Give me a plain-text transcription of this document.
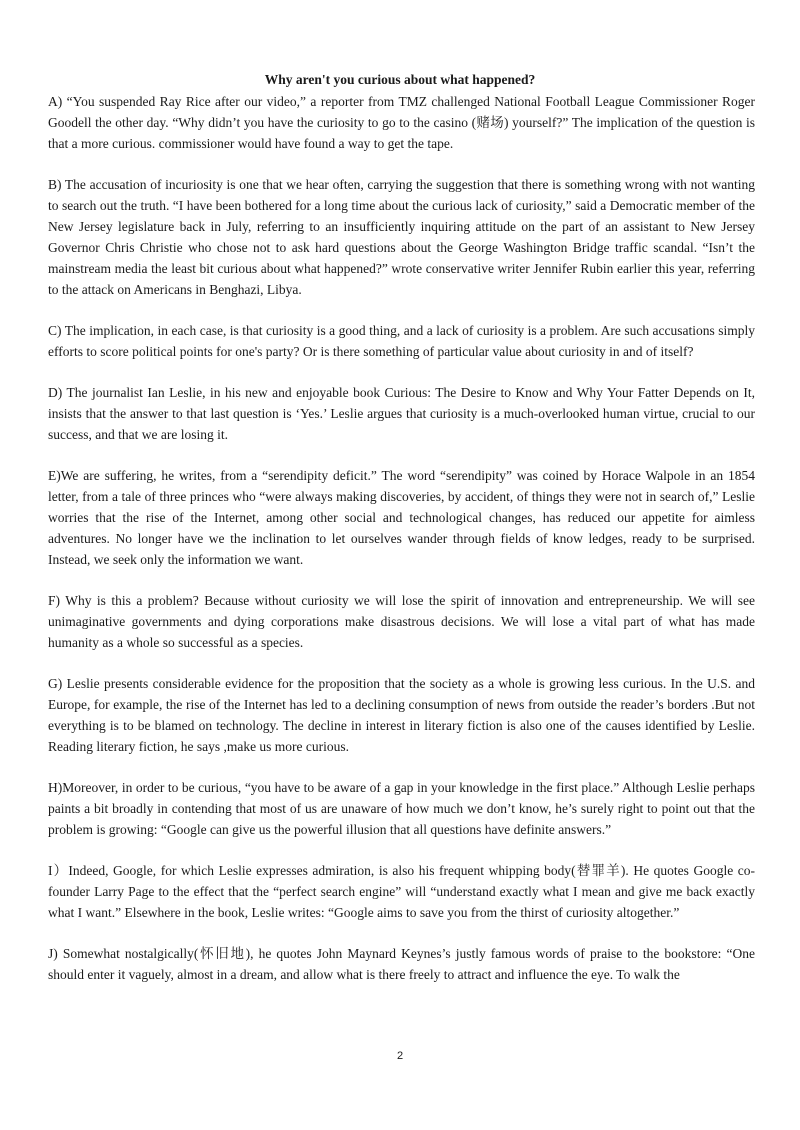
Why aren't you curious about what happened?

A) “You suspended Ray Rice after our video,” a reporter from TMZ challenged National Football League Commissioner Roger Goodell the other day. “Why didn’t you have the curiosity to go to the casino (赌场) yourself?” The implication of the question is that a more curious. commissioner would have found a way to get the tape.

B) The accusation of incuriosity is one that we hear often, carrying the suggestion that there is something wrong with not wanting to search out the truth. “I have been bothered for a long time about the curious lack of curiosity,” said a Democratic member of the New Jersey legislature back in July, referring to an insufficiently inquiring attitude on the part of an assistant to New Jersey Governor Chris Christie who chose not to ask hard questions about the George Washington Bridge traffic scandal. “Isn’t the mainstream media the least bit curious about what happened?” wrote conservative writer Jennifer Rubin earlier this year, referring to the attack on Americans in Benghazi, Libya.

C) The implication, in each case, is that curiosity is a good thing, and a lack of curiosity is a problem. Are such accusations simply efforts to score political points for one's party? Or is there something of particular value about curiosity in and of itself?

D) The journalist Ian Leslie, in his new and enjoyable book Curious: The Desire to Know and Why Your Fatter Depends on It, insists that the answer to that last question is ‘Yes.’ Leslie argues that curiosity is a much-overlooked human virtue, crucial to our success, and that we are losing it.

E)We are suffering, he writes, from a “serendipity deficit.” The word “serendipity” was coined by Horace Walpole in an 1854 letter, from a tale of three princes who “were always making discoveries, by accident, of things they were not in search of,” Leslie worries that the rise of the Internet, among other social and technological changes, has reduced our appetite for aimless adventures. No longer have we the inclination to let ourselves wander through fields of know ledges, ready to be surprised. Instead, we seek only the information we want.

F) Why is this a problem? Because without curiosity we will lose the spirit of innovation and entrepreneurship. We will see unimaginative governments and dying corporations make disastrous decisions. We will lose a vital part of what has made humanity as a whole so successful as a species.

G) Leslie presents considerable evidence for the proposition that the society as a whole is growing less curious. In the U.S. and Europe, for example, the rise of the Internet has led to a declining consumption of news from outside the reader’s borders .But not everything is to be blamed on technology. The decline in interest in literary fiction is also one of the causes identified by Leslie. Reading literary fiction, he says ,make us more curious.

H)Moreover, in order to be curious, “you have to be aware of a gap in your knowledge in the first place.” Although Leslie perhaps paints a bit broadly in contending that most of us are unaware of how much we don’t know, he’s surely right to point out that the problem is growing: “Google can give us the powerful illusion that all questions have definite answers.”

I）Indeed, Google, for which Leslie expresses admiration, is also his frequent whipping body(替罪羊). He quotes Google co-founder Larry Page to the effect that the “perfect search engine” will “understand exactly what I mean and give me back exactly what I want.” Elsewhere in the book, Leslie writes: “Google aims to save you from the thirst of curiosity altogether.”

J) Somewhat nostalgically(怀旧地), he quotes John Maynard Keynes’s justly famous words of praise to the bookstore: “One should enter it vaguely, almost in a dream, and allow what is there freely to attract and influence the eye. To walk the

2
